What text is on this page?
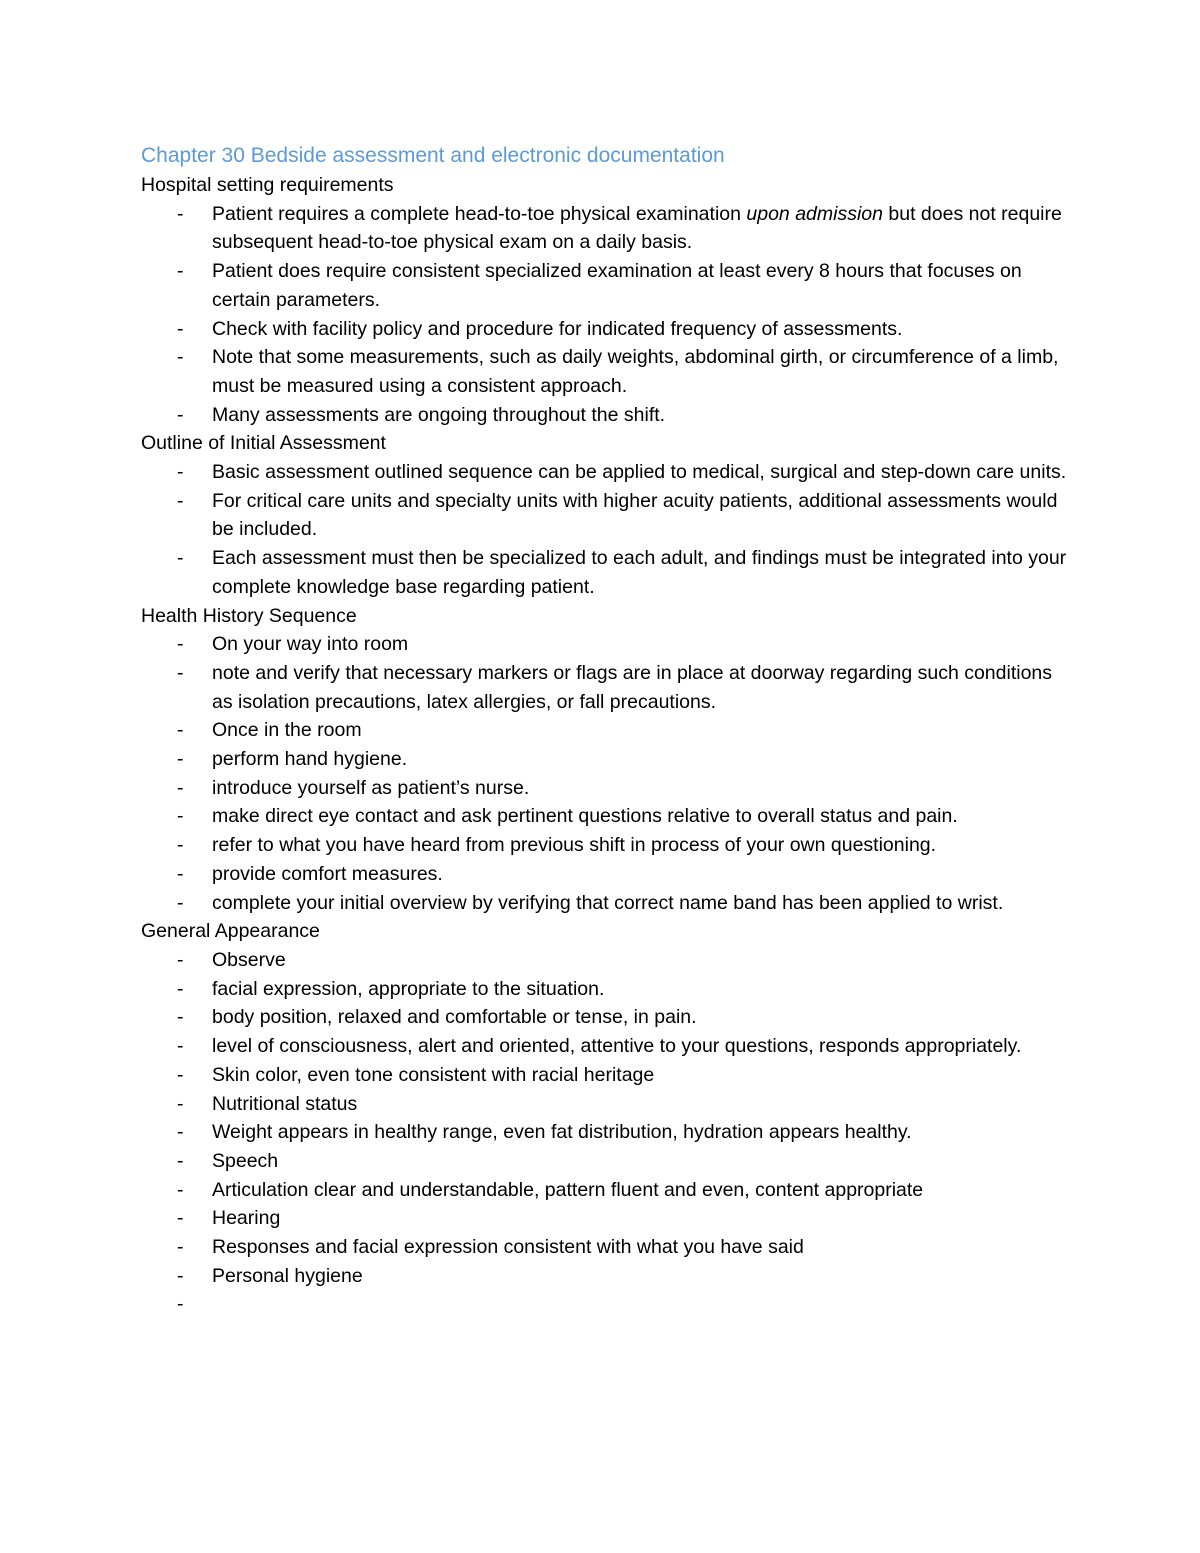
Chapter 30 Bedside assessment and electronic documentation
Hospital setting requirements
- Patient requires a complete head-to-toe physical examination upon admission but does not require subsequent head-to-toe physical exam on a daily basis.
- Patient does require consistent specialized examination at least every 8 hours that focuses on certain parameters.
- Check with facility policy and procedure for indicated frequency of assessments.
- Note that some measurements, such as daily weights, abdominal girth, or circumference of a limb, must be measured using a consistent approach.
- Many assessments are ongoing throughout the shift.
Outline of Initial Assessment
- Basic assessment outlined sequence can be applied to medical, surgical and step-down care units.
- For critical care units and specialty units with higher acuity patients, additional assessments would be included.
- Each assessment must then be specialized to each adult, and findings must be integrated into your complete knowledge base regarding patient.
Health History Sequence
- On your way into room
- note and verify that necessary markers or flags are in place at doorway regarding such conditions as isolation precautions, latex allergies, or fall precautions.
- Once in the room
- perform hand hygiene.
- introduce yourself as patient’s nurse.
- make direct eye contact and ask pertinent questions relative to overall status and pain.
- refer to what you have heard from previous shift in process of your own questioning.
- provide comfort measures.
- complete your initial overview by verifying that correct name band has been applied to wrist.
General Appearance
- Observe
- facial expression, appropriate to the situation.
- body position, relaxed and comfortable or tense, in pain.
- level of consciousness, alert and oriented, attentive to your questions, responds appropriately.
- Skin color, even tone consistent with racial heritage
- Nutritional status
- Weight appears in healthy range, even fat distribution, hydration appears healthy.
- Speech
- Articulation clear and understandable, pattern fluent and even, content appropriate
- Hearing
- Responses and facial expression consistent with what you have said
- Personal hygiene
-
